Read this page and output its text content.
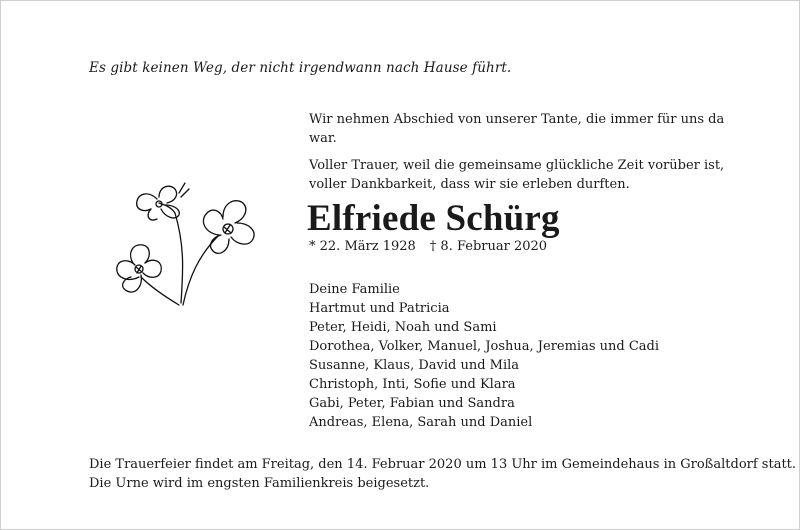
Es gibt keinen Weg, der nicht irgendwann nach Hause führt.

Wir nehmen Abschied von unserer Tante, die immer für uns da war.

Voller Trauer, weil die gemeinsame glückliche Zeit vorüber ist,
voller Dankbarkeit, dass wir sie erleben durften.

Elfriede Schürg
* 22. März 1928 † 8. Februar 2020
Deine Familie
Hartmut und Patricia
Peter, Heidi, Noah und Sami
Dorothea, Volker, Manuel, Joshua, Jeremias und Cadi
Susanne, Klaus, David und Mila
Christoph, Inti, Sofie und Klara
Gabi, Peter, Fabian und Sandra
Andreas, Elena, Sarah und Daniel
Die Trauerfeier findet am Freitag, den 14. Februar 2020 um 13 Uhr im Gemeindehaus in Großaltdorf statt.
Die Urne wird im engsten Familienkreis beigesetzt.
